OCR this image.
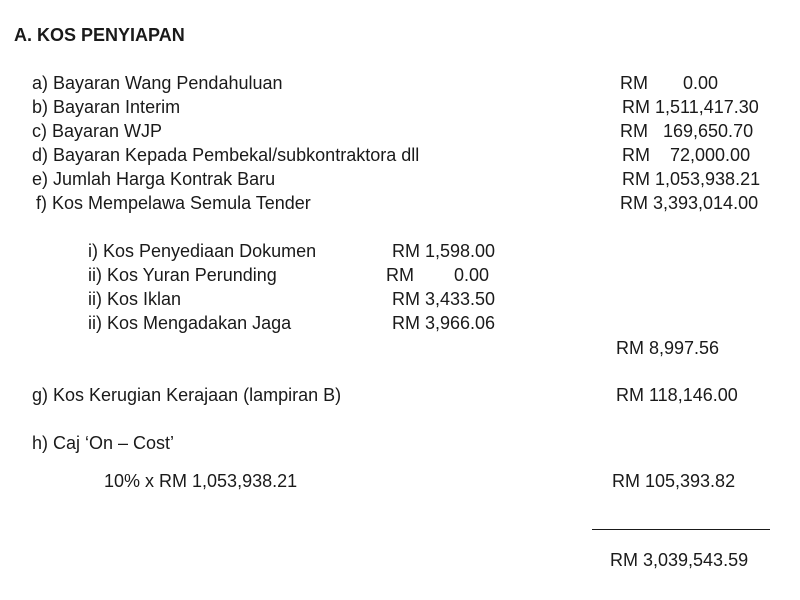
A. KOS PENYIAPAN
a) Bayaran Wang Pendahuluan	RM       0.00
b) Bayaran Interim	RM 1,511,417.30
c) Bayaran WJP	RM   169,650.70
d) Bayaran Kepada Pembekal/subkontraktora dll	RM    72,000.00
e) Jumlah Harga Kontrak Baru	RM 1,053,938.21
f) Kos Mempelawa Semula Tender	RM 3,393,014.00
i) Kos Penyediaan Dokumen	RM 1,598.00
ii) Kos Yuran Perunding	RM        0.00
ii) Kos Iklan	RM 3,433.50
ii) Kos Mengadakan Jaga	RM 3,966.06
RM 8,997.56
g) Kos Kerugian Kerajaan (lampiran B)	RM 118,146.00
h) Caj ‘On – Cost’
10% x RM 1,053,938.21	RM 105,393.82
RM 3,039,543.59
